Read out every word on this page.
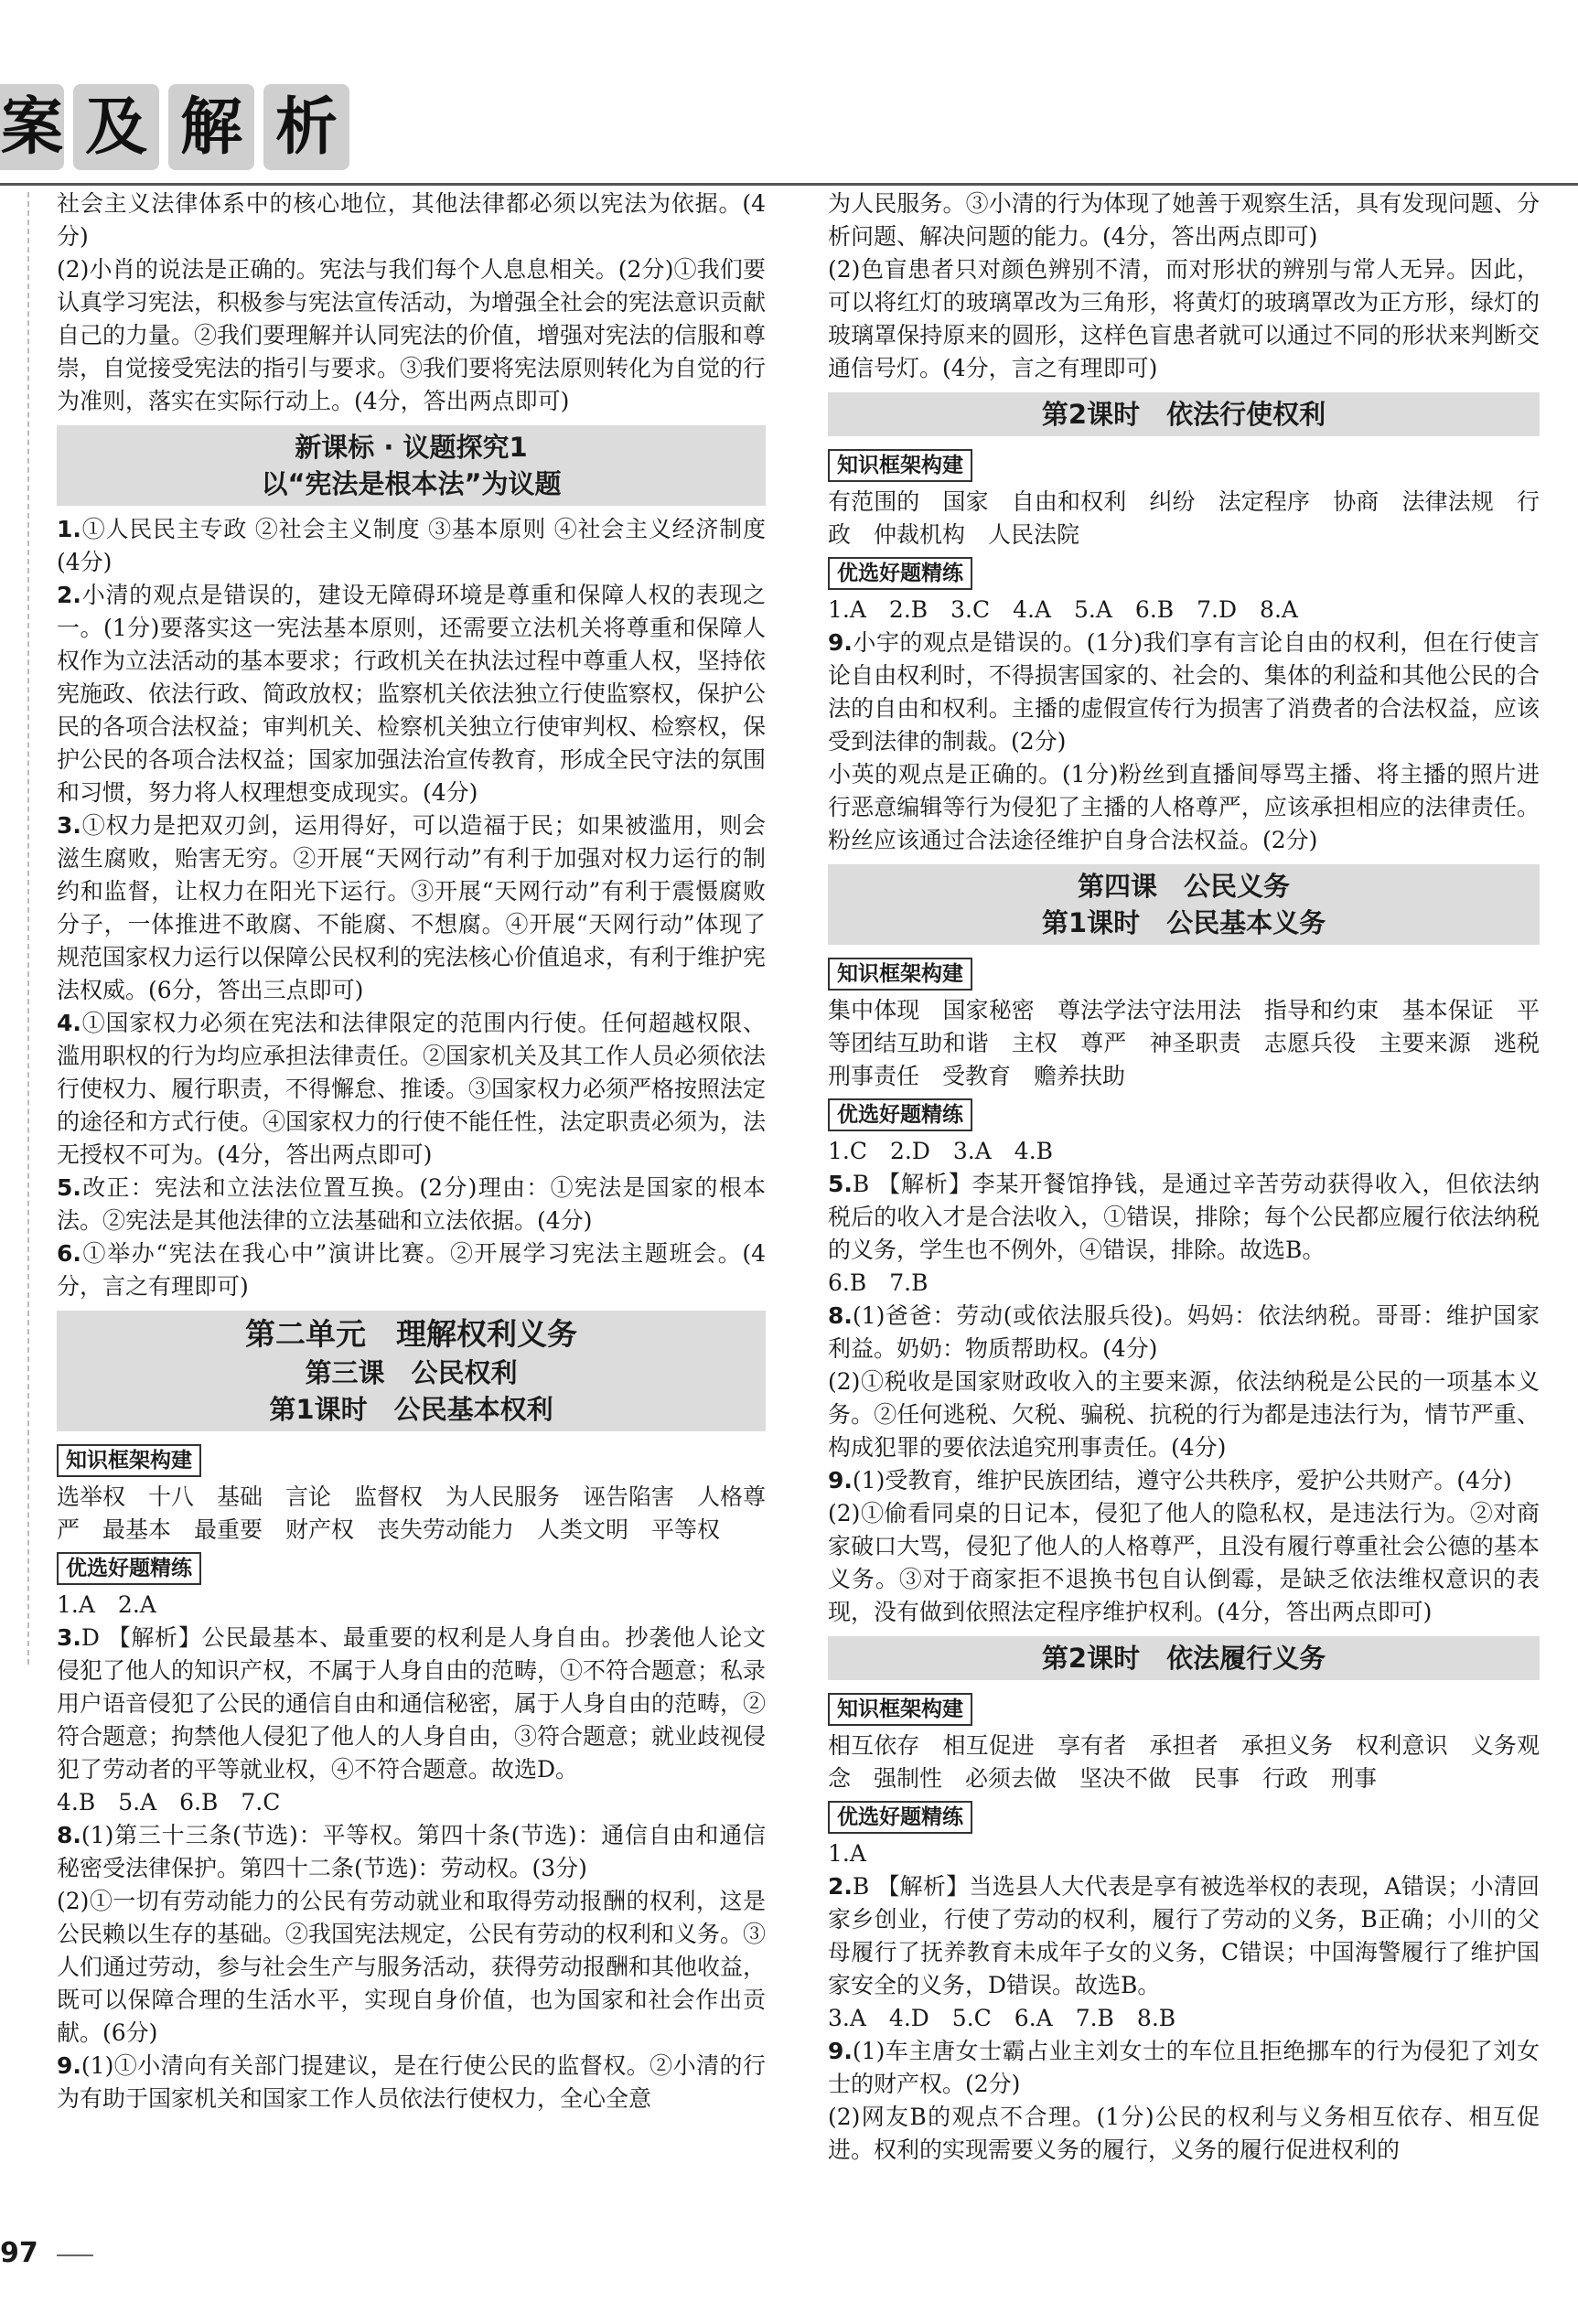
案 及 解 析

社会主义法律体系中的核心地位，其他法律都必须以宪法为依据。(4分)

(2)小肖的说法是正确的。宪法与我们每个人息息相关。(2分)①我们要认真学习宪法，积极参与宪法宣传活动，为增强全社会的宪法意识贡献自己的力量。②我们要理解并认同宪法的价值，增强对宪法的信服和尊崇，自觉接受宪法的指引与要求。③我们要将宪法原则转化为自觉的行为准则，落实在实际行动上。(4分，答出两点即可)

新课标 · 议题探究1
以“宪法是根本法”为议题

1.①人民民主专政 ②社会主义制度 ③基本原则 ④社会主义经济制度(4分)

2.小清的观点是错误的，建设无障碍环境是尊重和保障人权的表现之一。(1分)要落实这一宪法基本原则，还需要立法机关将尊重和保障人权作为立法活动的基本要求；行政机关在执法过程中尊重人权，坚持依宪施政、依法行政、简政放权；监察机关依法独立行使监察权，保护公民的各项合法权益；审判机关、检察机关独立行使审判权、检察权，保护公民的各项合法权益；国家加强法治宣传教育，形成全民守法的氛围和习惯，努力将人权理想变成现实。(4分)

3.①权力是把双刃剑，运用得好，可以造福于民；如果被滥用，则会滋生腐败，贻害无穷。②开展“天网行动”有利于加强对权力运行的制约和监督，让权力在阳光下运行。③开展“天网行动”有利于震慑腐败分子，一体推进不敢腐、不能腐、不想腐。④开展“天网行动”体现了规范国家权力运行以保障公民权利的宪法核心价值追求，有利于维护宪法权威。(6分，答出三点即可)

4.①国家权力必须在宪法和法律限定的范围内行使。任何超越权限、滥用职权的行为均应承担法律责任。②国家机关及其工作人员必须依法行使权力、履行职责，不得懈怠、推诿。③国家权力必须严格按照法定的途径和方式行使。④国家权力的行使不能任性，法定职责必须为，法无授权不可为。(4分，答出两点即可)

5.改正：宪法和立法法位置互换。(2分)理由：①宪法是国家的根本法。②宪法是其他法律的立法基础和立法依据。(4分)

6.①举办“宪法在我心中”演讲比赛。②开展学习宪法主题班会。(4分，言之有理即可)

第二单元　理解权利义务
第三课　公民权利
第1课时　公民基本权利
知识框架构建

选举权　十八　基础　言论　监督权　为人民服务　诬告陷害　人格尊严　最基本　最重要　财产权　丧失劳动能力　人类文明　平等权

优选好题精练

1.A　2.A

3.D 【解析】公民最基本、最重要的权利是人身自由。抄袭他人论文侵犯了他人的知识产权，不属于人身自由的范畴，①不符合题意；私录用户语音侵犯了公民的通信自由和通信秘密，属于人身自由的范畴，②符合题意；拘禁他人侵犯了他人的人身自由，③符合题意；就业歧视侵犯了劳动者的平等就业权，④不符合题意。故选D。

4.B　5.A　6.B　7.C

8.(1)第三十三条(节选)：平等权。第四十条(节选)：通信自由和通信秘密受法律保护。第四十二条(节选)：劳动权。(3分)

(2)①一切有劳动能力的公民有劳动就业和取得劳动报酬的权利，这是公民赖以生存的基础。②我国宪法规定，公民有劳动的权利和义务。③人们通过劳动，参与社会生产与服务活动，获得劳动报酬和其他收益，既可以保障合理的生活水平，实现自身价值，也为国家和社会作出贡献。(6分)

9.(1)①小清向有关部门提建议，是在行使公民的监督权。②小清的行为有助于国家机关和国家工作人员依法行使权力，全心全意

为人民服务。③小清的行为体现了她善于观察生活，具有发现问题、分析问题、解决问题的能力。(4分，答出两点即可)

(2)色盲患者只对颜色辨别不清，而对形状的辨别与常人无异。因此，可以将红灯的玻璃罩改为三角形，将黄灯的玻璃罩改为正方形，绿灯的玻璃罩保持原来的圆形，这样色盲患者就可以通过不同的形状来判断交通信号灯。(4分，言之有理即可)

第2课时　依法行使权利
知识框架构建

有范围的　国家　自由和权利　纠纷　法定程序　协商　法律法规　行政　仲裁机构　人民法院

优选好题精练

1.A　2.B　3.C　4.A　5.A　6.B　7.D　8.A

9.小宇的观点是错误的。(1分)我们享有言论自由的权利，但在行使言论自由权利时，不得损害国家的、社会的、集体的利益和其他公民的合法的自由和权利。主播的虚假宣传行为损害了消费者的合法权益，应该受到法律的制裁。(2分)

小英的观点是正确的。(1分)粉丝到直播间辱骂主播、将主播的照片进行恶意编辑等行为侵犯了主播的人格尊严，应该承担相应的法律责任。粉丝应该通过合法途径维护自身合法权益。(2分)

第四课　公民义务
第1课时　公民基本义务
知识框架构建

集中体现　国家秘密　尊法学法守法用法　指导和约束　基本保证　平等团结互助和谐　主权　尊严　神圣职责　志愿兵役　主要来源　逃税　刑事责任　受教育　赡养扶助

优选好题精练

1.C　2.D　3.A　4.B

5.B 【解析】李某开餐馆挣钱，是通过辛苦劳动获得收入，但依法纳税后的收入才是合法收入，①错误，排除；每个公民都应履行依法纳税的义务，学生也不例外，④错误，排除。故选B。

6.B　7.B

8.(1)爸爸：劳动(或依法服兵役)。妈妈：依法纳税。哥哥：维护国家利益。奶奶：物质帮助权。(4分)

(2)①税收是国家财政收入的主要来源，依法纳税是公民的一项基本义务。②任何逃税、欠税、骗税、抗税的行为都是违法行为，情节严重、构成犯罪的要依法追究刑事责任。(4分)

9.(1)受教育，维护民族团结，遵守公共秩序，爱护公共财产。(4分)

(2)①偷看同桌的日记本，侵犯了他人的隐私权，是违法行为。②对商家破口大骂，侵犯了他人的人格尊严，且没有履行尊重社会公德的基本义务。③对于商家拒不退换书包自认倒霉，是缺乏依法维权意识的表现，没有做到依照法定程序维护权利。(4分，答出两点即可)

第2课时　依法履行义务
知识框架构建

相互依存　相互促进　享有者　承担者　承担义务　权利意识　义务观念　强制性　必须去做　坚决不做　民事　行政　刑事

优选好题精练

1.A

2.B 【解析】当选县人大代表是享有被选举权的表现，A错误；小清回家乡创业，行使了劳动的权利，履行了劳动的义务，B正确；小川的父母履行了抚养教育未成年子女的义务，C错误；中国海警履行了维护国家安全的义务，D错误。故选B。

3.A　4.D　5.C　6.A　7.B　8.B

9.(1)车主唐女士霸占业主刘女士的车位且拒绝挪车的行为侵犯了刘女士的财产权。(2分)

(2)网友B的观点不合理。(1分)公民的权利与义务相互依存、相互促进。权利的实现需要义务的履行，义务的履行促进权利的

97
